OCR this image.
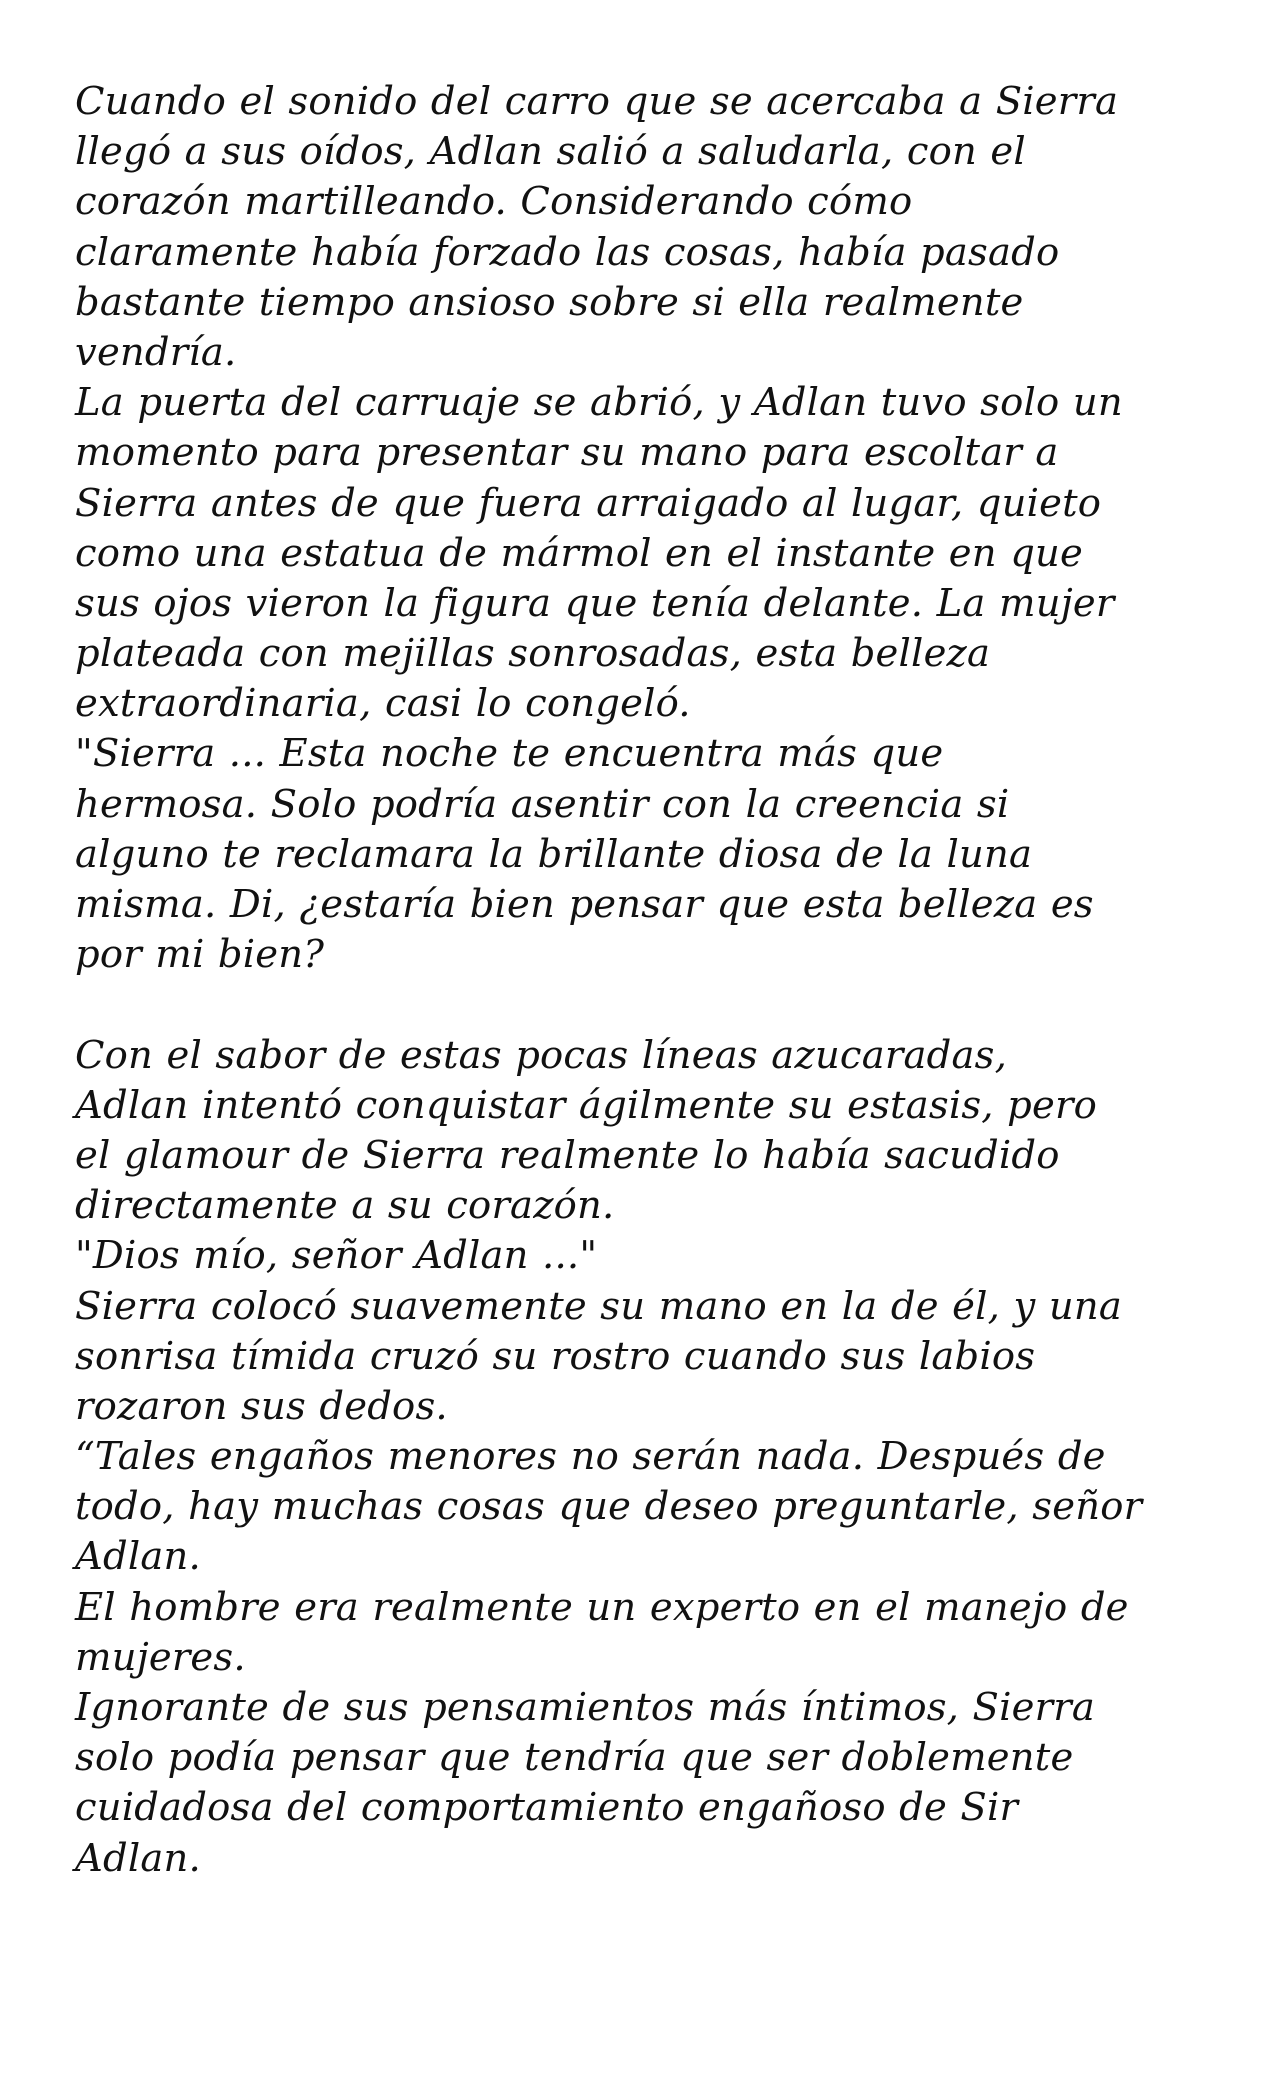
Cuando el sonido del carro que se acercaba a Sierra
llegó a sus oídos, Adlan salió a saludarla, con el
corazón martilleando. Considerando cómo
claramente había forzado las cosas, había pasado
bastante tiempo ansioso sobre si ella realmente
vendría.
La puerta del carruaje se abrió, y Adlan tuvo solo un
momento para presentar su mano para escoltar a
Sierra antes de que fuera arraigado al lugar, quieto
como una estatua de mármol en el instante en que
sus ojos vieron la figura que tenía delante. La mujer
plateada con mejillas sonrosadas, esta belleza
extraordinaria, casi lo congeló.
"Sierra ... Esta noche te encuentra más que
hermosa. Solo podría asentir con la creencia si
alguno te reclamara la brillante diosa de la luna
misma. Di, ¿estaría bien pensar que esta belleza es
por mi bien?
Con el sabor de estas pocas líneas azucaradas,
Adlan intentó conquistar ágilmente su estasis, pero
el glamour de Sierra realmente lo había sacudido
directamente a su corazón.
"Dios mío, señor Adlan ..."
Sierra colocó suavemente su mano en la de él, y una
sonrisa tímida cruzó su rostro cuando sus labios
rozaron sus dedos.
“Tales engaños menores no serán nada. Después de
todo, hay muchas cosas que deseo preguntarle, señor
Adlan.
El hombre era realmente un experto en el manejo de
mujeres.
Ignorante de sus pensamientos más íntimos, Sierra
solo podía pensar que tendría que ser doblemente
cuidadosa del comportamiento engañoso de Sir
Adlan.
